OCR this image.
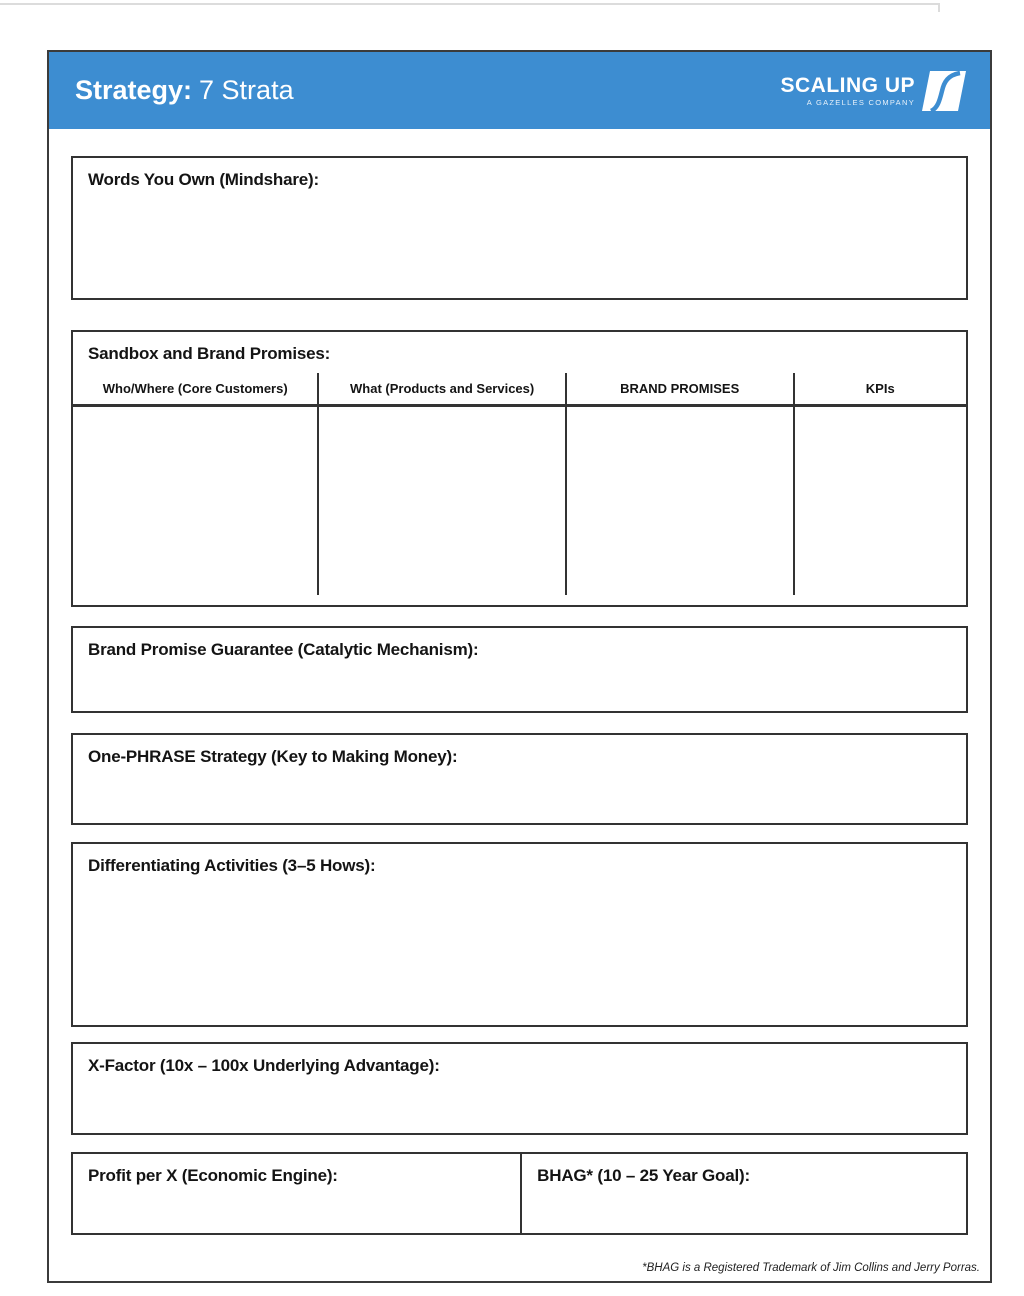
Strategy: 7 Strata	SCALING UP
A GAZELLES COMPANY
Words You Own (Mindshare):
Sandbox and Brand Promises:
Who/Where (Core Customers)	What (Products and Services)	BRAND PROMISES	KPIs
Brand Promise Guarantee (Catalytic Mechanism):
One-PHRASE Strategy (Key to Making Money):
Differentiating Activities (3–5 Hows):
X-Factor (10x – 100x Underlying Advantage):
Profit per X (Economic Engine):	BHAG* (10 – 25 Year Goal):
*BHAG is a Registered Trademark of Jim Collins and Jerry Porras.
